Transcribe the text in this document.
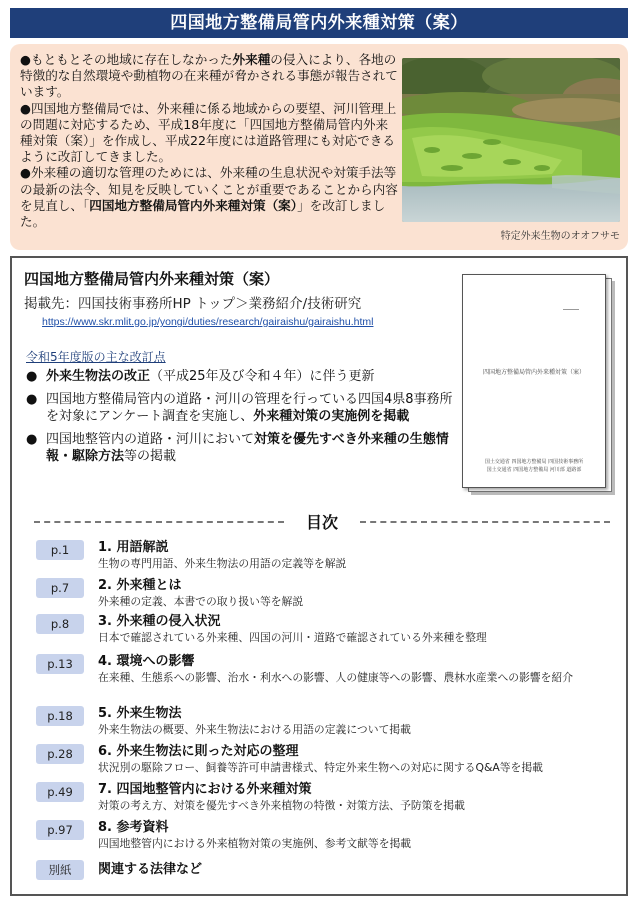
四国地方整備局管内外来種対策（案）

●もともとその地域に存在しなかった外来種の侵入により、各地の特徴的な自然環境や動植物の在来種が脅かされる事態が報告されています。

●四国地方整備局では、外来種に係る地域からの要望、河川管理上の問題に対応するため、平成18年度に「四国地方整備局管内外来種対策（案）」を作成し、平成22年度には道路管理にも対応できるように改訂してきました。

●外来種の適切な管理のためには、外来種の生息状況や対策手法等の最新の法令、知見を反映していくことが重要であることから内容を見直し、「四国地方整備局管内外来種対策（案）」を改訂しました。

特定外来生物のオオフサモ
四国地方整備局管内外来種対策（案）
掲載先：四国技術事務所HP トップ＞業務紹介/技術研究
https://www.skr.mlit.go.jp/yongi/duties/research/gairaishu/gairaishu.html
令和5年度版の主な改訂点
● 外来生物法の改正（平成25年及び令和４年）に伴う更新
● 四国地方整備局管内の道路・河川の管理を行っている四国4県8事務所を対象にアンケート調査を実施し、外来種対策の実施例を掲載
● 四国地整管内の道路・河川において対策を優先すべき外来種の生態情報・駆除方法等の掲載
四国地方整備局管内外来種対策（案）
国土交通省 四国地方整備局 四国技術事務所
国土交通省 四国地方整備局 河川部 道路部
目次
p.1	1. 用語解説
生物の専門用語、外来生物法の用語の定義等を解説
p.7	2. 外来種とは
外来種の定義、本書での取り扱い等を解説
p.8	3. 外来種の侵入状況
日本で確認されている外来種、四国の河川・道路で確認されている外来種を整理
p.13	4. 環境への影響
在来種、生態系への影響、治水・利水への影響、人の健康等への影響、農林水産業への影響を紹介
p.18	5. 外来生物法
外来生物法の概要、外来生物法における用語の定義について掲載
p.28	6. 外来生物法に則った対応の整理
状況別の駆除フロー、飼養等許可申請書様式、特定外来生物への対応に関するQ&A等を掲載
p.49	7. 四国地整管内における外来種対策
対策の考え方、対策を優先すべき外来植物の特徴・対策方法、予防策を掲載
p.97	8. 参考資料
四国地整管内における外来植物対策の実施例、参考文献等を掲載
別紙	関連する法律など
